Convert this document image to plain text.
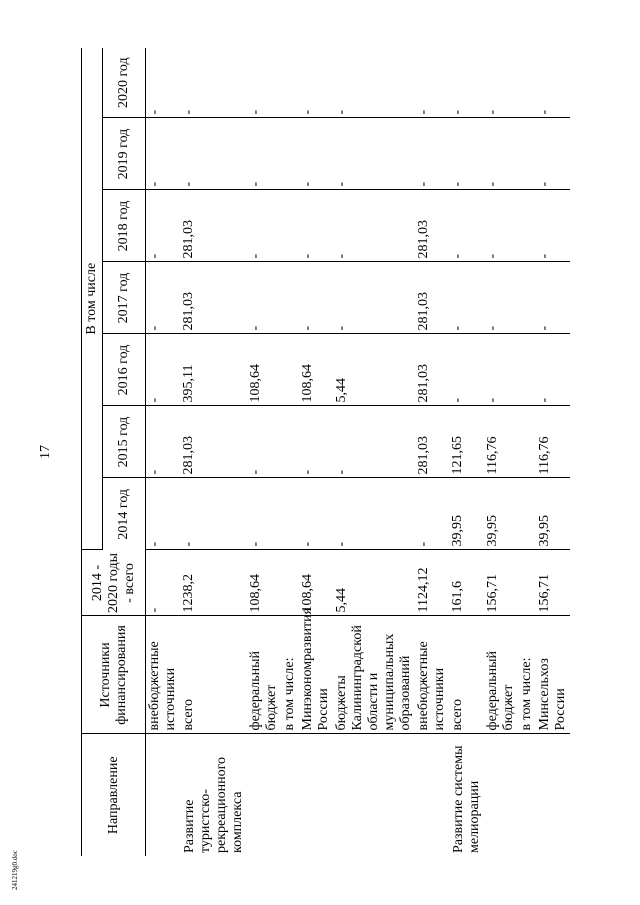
17
241219g0.doc
Направление	Источники финансирования	2014 - 2020 годы - всего	В том числе						
			2014 год	2015 год	2016 год	2017 год	2018 год	2019 год	2020 год
	внебюджетные источники	-	-	-	-	-	-	-	-
Развитие туристско-рекреационного комплекса	всего	1238,2	-	281,03	395,11	281,03	281,03	-	-
	федеральный бюджет	108,64	-	-	108,64	-	-	-	-
	в том числе:								
	Минэкономразвития России	108,64	-	-	108,64	-	-	-	-
	бюджеты Калининградской области и муниципальных образований	5,44	-	-	5,44	-	-	-	-
	внебюджетные источники	1124,12	-	281,03	281,03	281,03	281,03	-	-
Развитие системы мелиорации	всего	161,6	39,95	121,65	-	-	-	-	-
	федеральный бюджет	156,71	39,95	116,76	-	-	-	-	-
	в том числе:								
	Минсельхоз России	156,71	39,95	116,76	-	-	-	-	-
